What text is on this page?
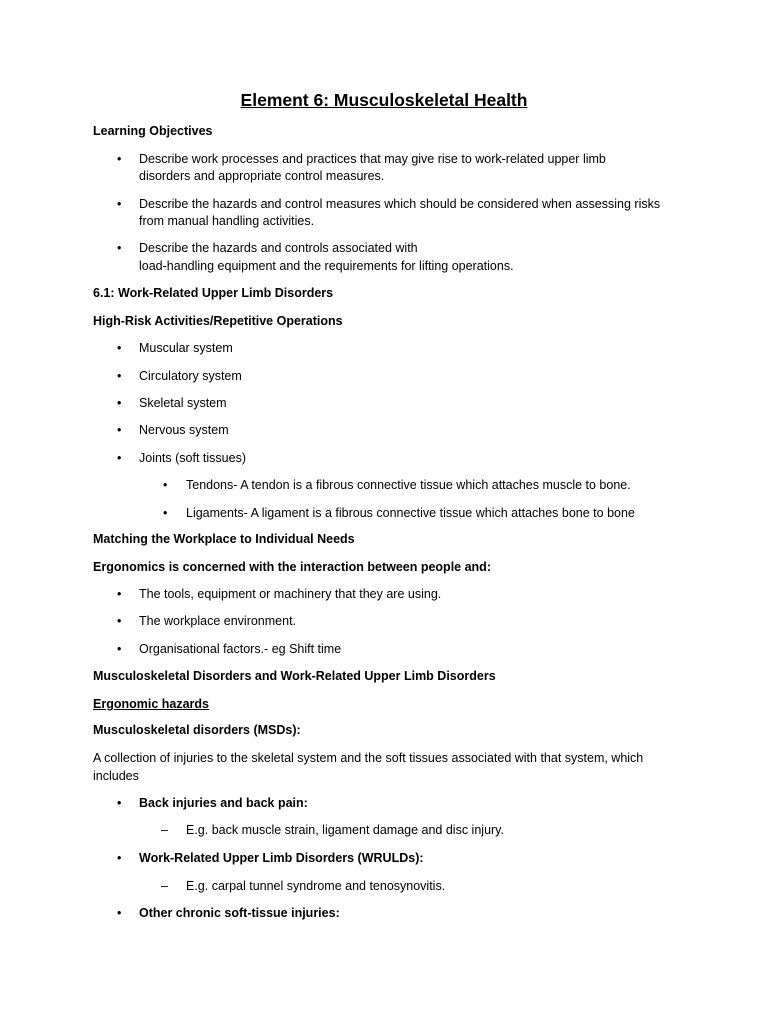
Element 6: Musculoskeletal Health
Learning Objectives
• Describe work processes and practices that may give rise to work-related upper limb
disorders and appropriate control measures.
• Describe the hazards and control measures which should be considered when assessing risks
from manual handling activities.
• Describe the hazards and controls associated with
load-handling equipment and the requirements for lifting operations.
6.1: Work-Related Upper Limb Disorders
High-Risk Activities/Repetitive Operations
• Muscular system
• Circulatory system
• Skeletal system
• Nervous system
• Joints (soft tissues)
• Tendons- A tendon is a fibrous connective tissue which attaches muscle to bone.
• Ligaments- A ligament is a fibrous connective tissue which attaches bone to bone
Matching the Workplace to Individual Needs
Ergonomics is concerned with the interaction between people and:
• The tools, equipment or machinery that they are using.
• The workplace environment.
• Organisational factors.- eg Shift time
Musculoskeletal Disorders and Work-Related Upper Limb Disorders
Ergonomic hazards
Musculoskeletal disorders (MSDs):
A collection of injuries to the skeletal system and the soft tissues associated with that system, which
includes
• Back injuries and back pain:
– E.g. back muscle strain, ligament damage and disc injury.
• Work-Related Upper Limb Disorders (WRULDs):
– E.g. carpal tunnel syndrome and tenosynovitis.
• Other chronic soft-tissue injuries:
